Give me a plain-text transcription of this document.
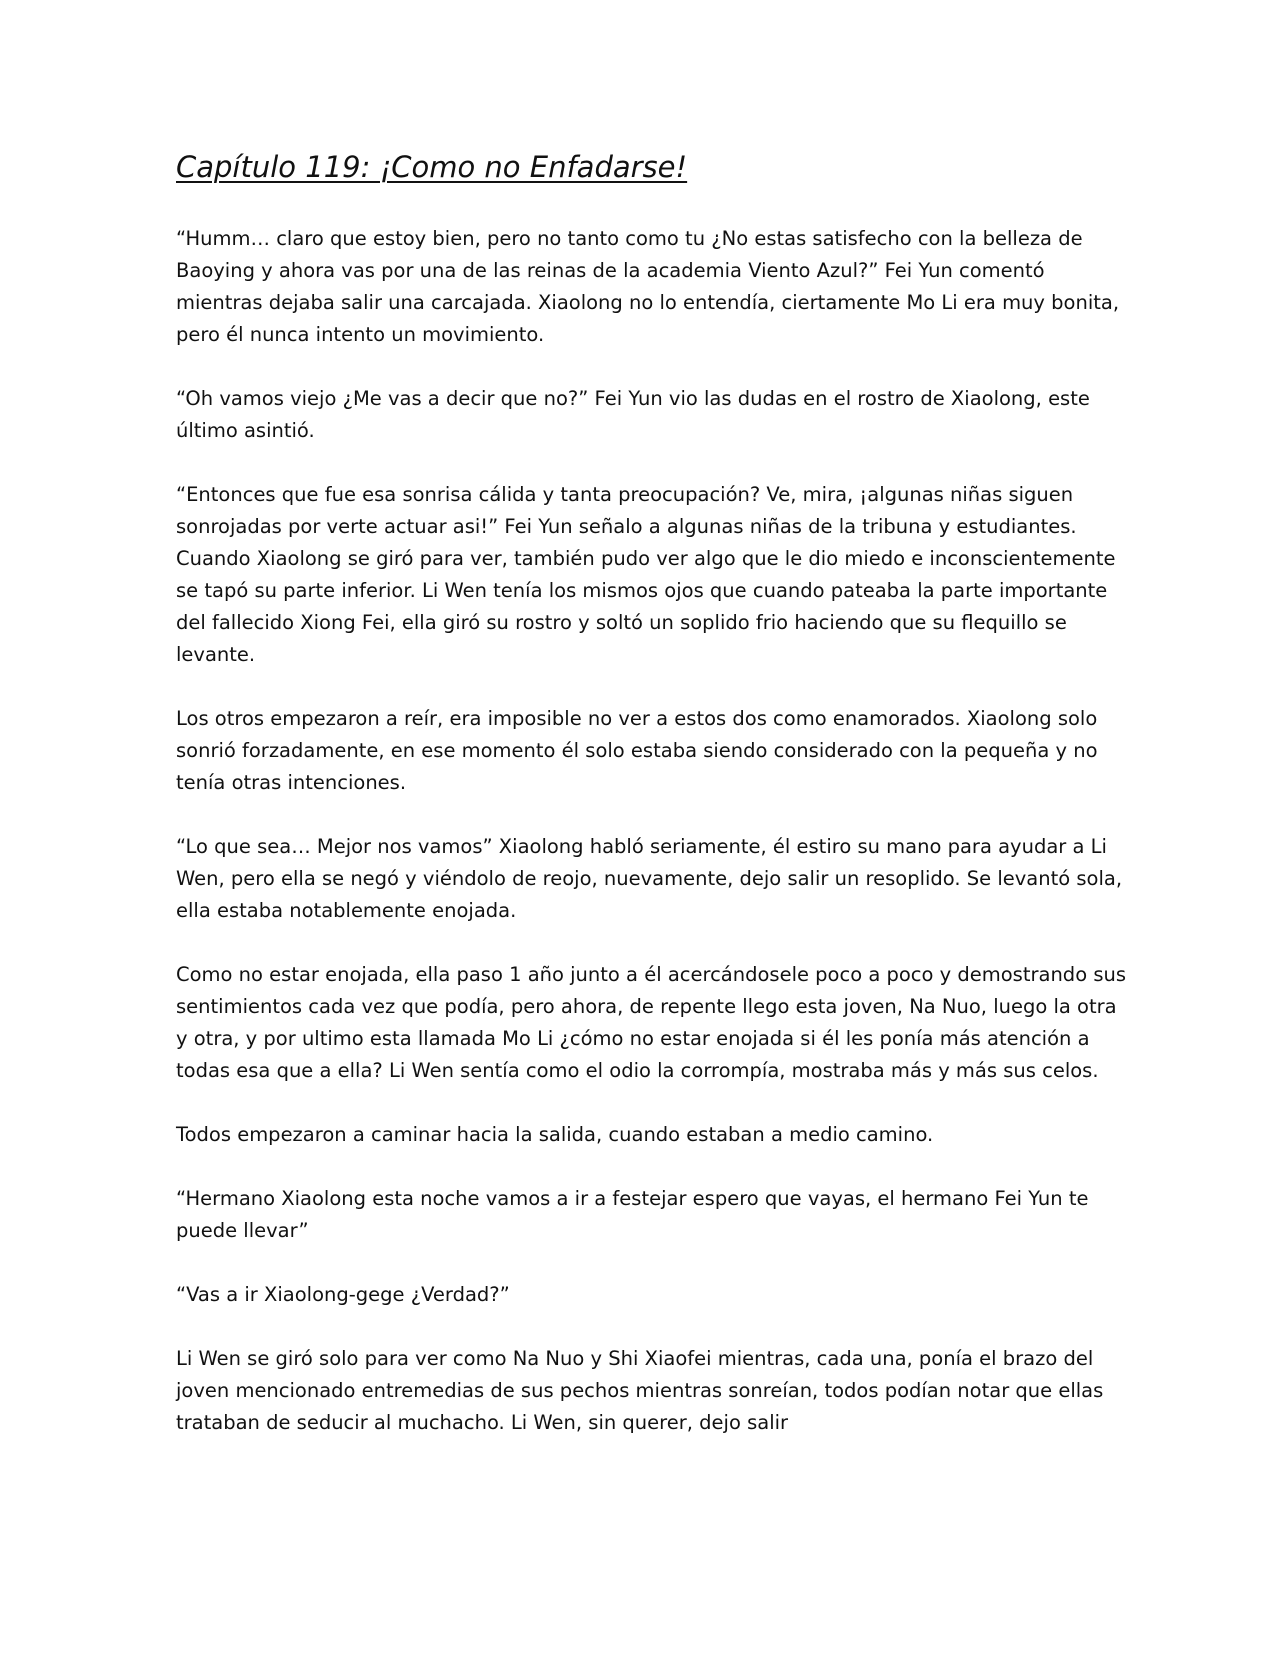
Capítulo 119: ¡Como no Enfadarse!

“Humm… claro que estoy bien, pero no tanto como tu ¿No estas satisfecho con la belleza de Baoying y ahora vas por una de las reinas de la academia Viento Azul?” Fei Yun comentó mientras dejaba salir una carcajada. Xiaolong no lo entendía, ciertamente Mo Li era muy bonita, pero él nunca intento un movimiento.

“Oh vamos viejo ¿Me vas a decir que no?” Fei Yun vio las dudas en el rostro de Xiaolong, este último asintió.

“Entonces que fue esa sonrisa cálida y tanta preocupación? Ve, mira, ¡algunas niñas siguen sonrojadas por verte actuar asi!” Fei Yun señalo a algunas niñas de la tribuna y estudiantes. Cuando Xiaolong se giró para ver, también pudo ver algo que le dio miedo e inconscientemente se tapó su parte inferior. Li Wen tenía los mismos ojos que cuando pateaba la parte importante del fallecido Xiong Fei, ella giró su rostro y soltó un soplido frio haciendo que su flequillo se levante.

Los otros empezaron a reír, era imposible no ver a estos dos como enamorados. Xiaolong solo sonrió forzadamente, en ese momento él solo estaba siendo considerado con la pequeña y no tenía otras intenciones.

“Lo que sea… Mejor nos vamos” Xiaolong habló seriamente, él estiro su mano para ayudar a Li Wen, pero ella se negó y viéndolo de reojo, nuevamente, dejo salir un resoplido. Se levantó sola, ella estaba notablemente enojada.

Como no estar enojada, ella paso 1 año junto a él acercándosele poco a poco y demostrando sus sentimientos cada vez que podía, pero ahora, de repente llego esta joven, Na Nuo, luego la otra y otra, y por ultimo esta llamada Mo Li ¿cómo no estar enojada si él les ponía más atención a todas esa que a ella? Li Wen sentía como el odio la corrompía, mostraba más y más sus celos.

Todos empezaron a caminar hacia la salida, cuando estaban a medio camino.

“Hermano Xiaolong esta noche vamos a ir a festejar espero que vayas, el hermano Fei Yun te puede llevar”

“Vas a ir Xiaolong-gege ¿Verdad?”

Li Wen se giró solo para ver como Na Nuo y Shi Xiaofei mientras, cada una, ponía el brazo del joven mencionado entremedias de sus pechos mientras sonreían, todos podían notar que ellas trataban de seducir al muchacho. Li Wen, sin querer, dejo salir
